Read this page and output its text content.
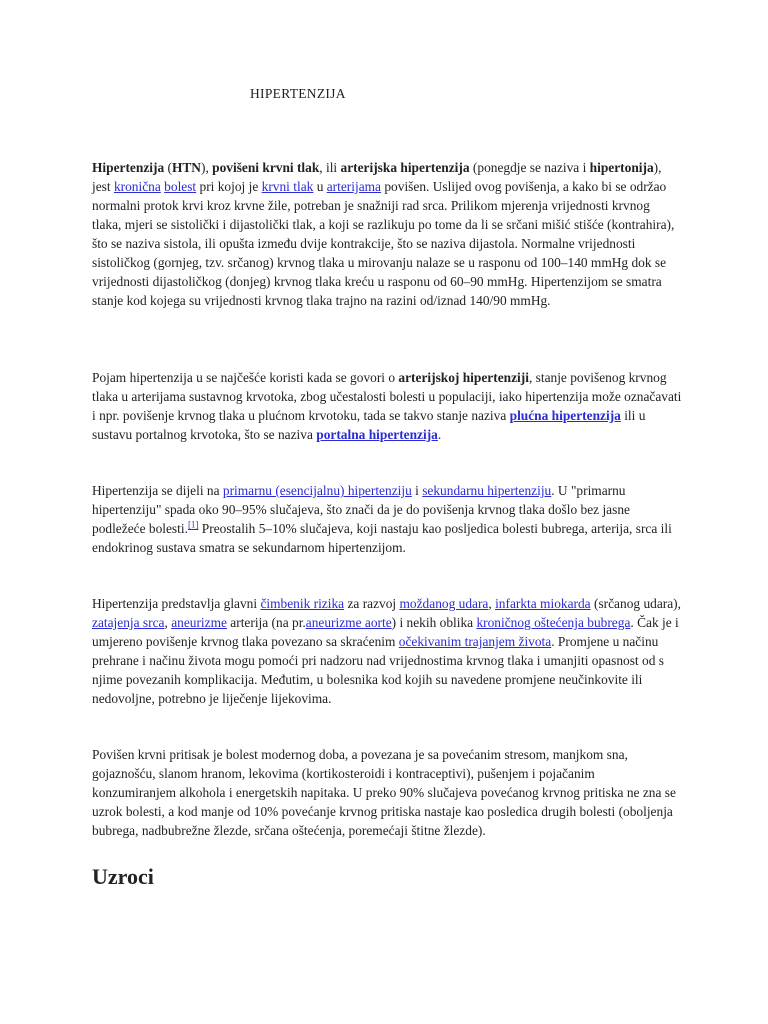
HIPERTENZIJA

Hipertenzija (HTN), povišeni krvni tlak, ili arterijska hipertenzija (ponegdje se naziva i hipertonija), jest kronična bolest pri kojoj je krvni tlak u arterijama povišen. Uslijed ovog povišenja, a kako bi se održao normalni protok krvi kroz krvne žile, potreban je snažniji rad srca. Prilikom mjerenja vrijednosti krvnog tlaka, mjeri se sistolički i dijastolički tlak, a koji se razlikuju po tome da li se srčani mišić stišće (kontrahira), što se naziva sistola, ili opušta između dvije kontrakcije, što se naziva dijastola. Normalne vrijednosti sistoličkog (gornjeg, tzv. srčanog) krvnog tlaka u mirovanju nalaze se u rasponu od 100–140 mmHg dok se vrijednosti dijastoličkog (donjeg) krvnog tlaka kreću u rasponu od 60–90 mmHg. Hipertenzijom se smatra stanje kod kojega su vrijednosti krvnog tlaka trajno na razini od/iznad 140/90 mmHg.

Pojam hipertenzija u se najčešće koristi kada se govori o arterijskoj hipertenziji, stanje povišenog krvnog tlaka u arterijama sustavnog krvotoka, zbog učestalosti bolesti u populaciji, iako hipertenzija može označavati i npr. povišenje krvnog tlaka u plućnom krvotoku, tada se takvo stanje naziva plućna hipertenzija ili u sustavu portalnog krvotoka, što se naziva portalna hipertenzija.

Hipertenzija se dijeli na primarnu (esencijalnu) hipertenziju i sekundarnu hipertenziju. U "primarnu hipertenziju" spada oko 90–95% slučajeva, što znači da je do povišenja krvnog tlaka došlo bez jasne podležeće bolesti.[1] Preostalih 5–10% slučajeva, koji nastaju kao posljedica bolesti bubrega, arterija, srca ili endokrinog sustava smatra se sekundarnom hipertenzijom.

Hipertenzija predstavlja glavni čimbenik rizika za razvoj moždanog udara, infarkta miokarda (srčanog udara), zatajenja srca, aneurizme arterija (na pr.aneurizme aorte) i nekih oblika kroničnog oštećenja bubrega. Čak je i umjereno povišenje krvnog tlaka povezano sa skraćenim očekivanim trajanjem života. Promjene u načinu prehrane i načinu života mogu pomoći pri nadzoru nad vrijednostima krvnog tlaka i umanjiti opasnost od s njime povezanih komplikacija. Međutim, u bolesnika kod kojih su navedene promjene neučinkovite ili nedovoljne, potrebno je liječenje lijekovima.

Povišen krvni pritisak je bolest modernog doba, a povezana je sa povećanim stresom, manjkom sna, gojaznošću, slanom hranom, lekovima (kortikosteroidi i kontraceptivi), pušenjem i pojačanim konzumiranjem alkohola i energetskih napitaka. U preko 90% slučajeva povećanog krvnog pritiska ne zna se uzrok bolesti, a kod manje od 10% povećanje krvnog pritiska nastaje kao posledica drugih bolesti (oboljenja bubrega, nadbubrežne žlezde, srčana oštećenja, poremećaji štitne žlezde).

Uzroci
